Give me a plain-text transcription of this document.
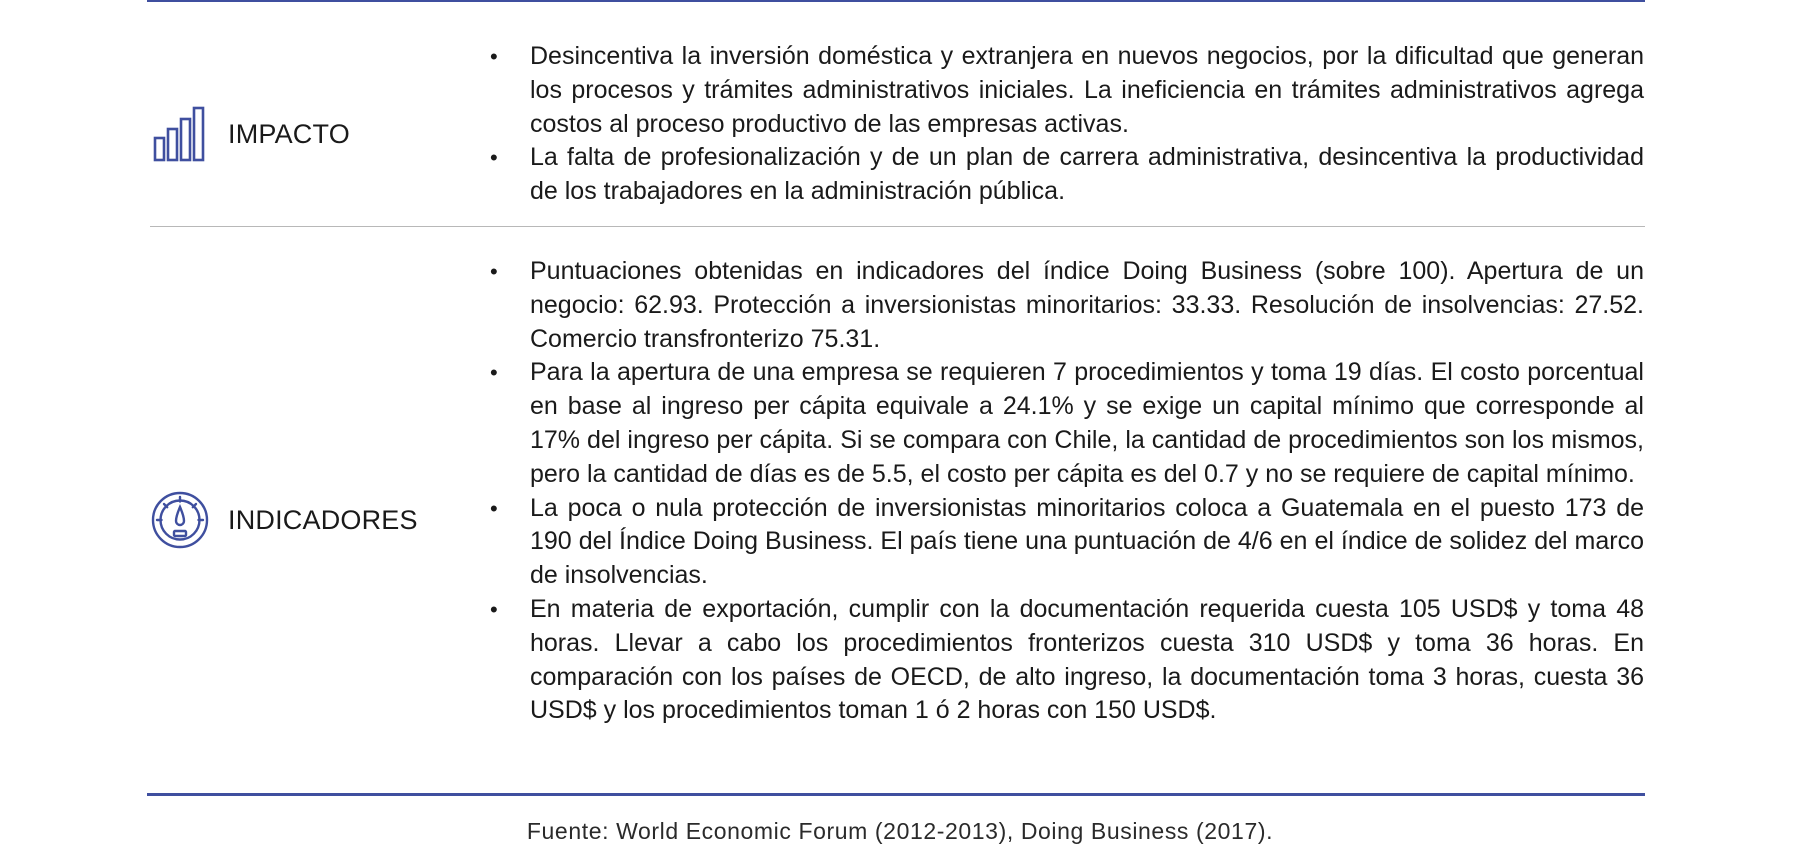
IMPACTO
• Desincentiva la inversión doméstica y extranjera en nuevos negocios, por la dificultad que generan los procesos y trámites administrativos iniciales. La ineficiencia en trámites administrativos agrega costos al proceso productivo de las empresas activas.
• La falta de profesionalización y de un plan de carrera administrativa, desincentiva la productividad de los trabajadores en la administración pública.
INDICADORES
• Puntuaciones obtenidas en indicadores del índice Doing Business (sobre 100). Apertura de un negocio: 62.93. Protección a inversionistas minoritarios: 33.33. Resolución de insolvencias: 27.52. Comercio transfronterizo 75.31.
• Para la apertura de una empresa se requieren 7 procedimientos y toma 19 días. El costo porcentual en base al ingreso per cápita equivale a 24.1% y se exige un capital mínimo que corresponde al 17% del ingreso per cápita. Si se compara con Chile, la cantidad de procedimientos son los mismos, pero la cantidad de días es de 5.5, el costo per cápita es del 0.7 y no se requiere de capital mínimo.
• La poca o nula protección de inversionistas minoritarios coloca a Guatemala en el puesto 173 de 190 del Índice Doing Business. El país tiene una puntuación de 4/6 en el índice de solidez del marco de insolvencias.
• En materia de exportación, cumplir con la documentación requerida cuesta 105 USD$ y toma 48 horas. Llevar a cabo los procedimientos fronterizos cuesta 310 USD$ y toma 36 horas. En comparación con los países de OECD, de alto ingreso, la documentación toma 3 horas, cuesta 36 USD$ y los procedimientos toman 1 ó 2 horas con 150 USD$.
Fuente: World Economic Forum (2012-2013), Doing Business (2017).
